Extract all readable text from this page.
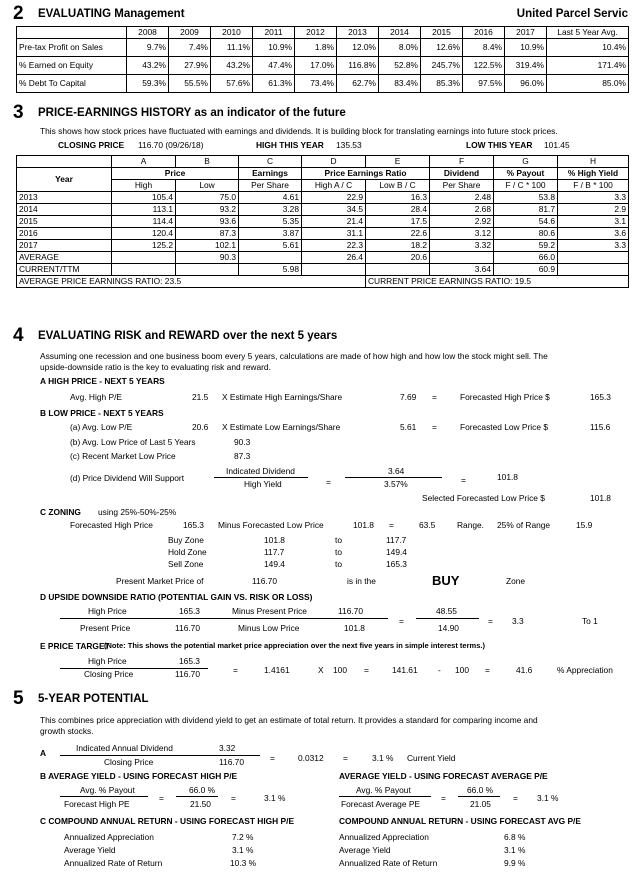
2 EVALUATING Management	United Parcel Servic
	2008	2009	2010	2011	2012	2013	2014	2015	2016	2017	Last 5 Year Avg.
Pre-tax Profit on Sales	9.7%	7.4%	11.1%	10.9%	1.8%	12.0%	8.0%	12.6%	8.4%	10.9%	10.4%
% Earned on Equity	43.2%	27.9%	43.2%	47.4%	17.0%	116.8%	52.8%	245.7%	122.5%	319.4%	171.4%
% Debt To Capital	59.3%	55.5%	57.6%	61.3%	73.4%	62.7%	83.4%	85.3%	97.5%	96.0%	85.0%
3 PRICE-EARNINGS HISTORY as an indicator of the future
This shows how stock prices have fluctuated with earnings and dividends. It is building block for translating earnings into future stock prices.
CLOSING PRICE 116.70 (09/26/18)	HIGH THIS YEAR 135.53	LOW THIS YEAR 101.45
	A	B	C	D	E	F	G	H
Year	Price		Earnings	Price Earnings Ratio		Dividend	% Payout	% High Yield
	High	Low	Per Share	High A / C	Low B / C	Per Share	F / C * 100	F / B * 100
2013	105.4	75.0	4.61	22.9	16.3	2.48	53.8	3.3
2014	113.1	93.2	3.28	34.5	28.4	2.68	81.7	2.9
2015	114.4	93.6	5.35	21.4	17.5	2.92	54.6	3.1
2016	120.4	87.3	3.87	31.1	22.6	3.12	80.6	3.6
2017	125.2	102.1	5.61	22.3	18.2	3.32	59.2	3.3
AVERAGE		90.3		26.4	20.6		66.0	
CURRENT/TTM			5.98			3.64	60.9	
AVERAGE PRICE EARNINGS RATIO: 23.5					CURRENT PRICE EARNINGS RATIO: 19.5			
4 EVALUATING RISK and REWARD over the next 5 years
Assuming one recession and one business boom every 5 years, calculations are made of how high and how low the stock might sell. The
upside-downside ratio is the key to evaluating risk and reward.
A HIGH PRICE - NEXT 5 YEARS
Avg. High P/E	21.5 X Estimate High Earnings/Share	7.69 =	Forecasted High Price $	165.3
B LOW PRICE - NEXT 5 YEARS
(a) Avg. Low P/E	20.6 X Estimate Low Earnings/Share	5.61 =	Forecasted Low Price $	115.6
(b) Avg. Low Price of Last 5 Years	90.3
(c) Recent Market Low Price	87.3
(d) Price Dividend Will Support
Indicated Dividend
High Yield	=
3.64
3.57%	=	101.8
Selected Forecasted Low Price $	101.8
C ZONING using 25%-50%-25%
Forecasted High Price	165.3 Minus Forecasted Low Price	101.8 =	63.5	Range. 25% of Range	15.9
Buy Zone	101.8	to	117.7
Hold Zone	117.7	to	149.4
Sell Zone	149.4	to	165.3
Present Market Price of	116.70	is in the	BUY	Zone
D UPSIDE DOWNSIDE RATIO (POTENTIAL GAIN VS. RISK OR LOSS)
High Price	165.3	Minus Present Price	116.70
Present Price	116.70	Minus Low Price	101.8
=
48.55
14.90
= 3.3	To 1
E PRICE TARGET
(Note: This shows the potential market price appreciation over the next five years in simple interest terms.)
High Price	165.3
Closing Price	116.70	=	1.4161	X 100 =	141.61 - 100 =	41.6	% Appreciation
5 5-YEAR POTENTIAL
This combines price appreciation with dividend yield to get an estimate of total return. It provides a standard for comparing income and
growth stocks.
A	Indicated Annual Dividend	3.32
Closing Price	116.70	=	0.0312 =	3.1 % Current Yield
B AVERAGE YIELD - USING FORECAST HIGH P/E
Avg. % Payout	66.0 %
Forecast High PE	21.50
=	=	3.1 %
AVERAGE YIELD - USING FORECAST AVERAGE P/E
Avg. % Payout	66.0 %
Forecast Average PE	21.05
=	= 3.1 %
C COMPOUND ANNUAL RETURN - USING FORECAST HIGH P/E	COMPOUND ANNUAL RETURN - USING FORECAST AVG P/E
Annualized Appreciation	7.2 %	Annualized Appreciation	6.8 %
Average Yield	3.1 %	Average Yield	3.1 %
Annualized Rate of Return	10.3 %	Annualized Rate of Return	9.9 %
